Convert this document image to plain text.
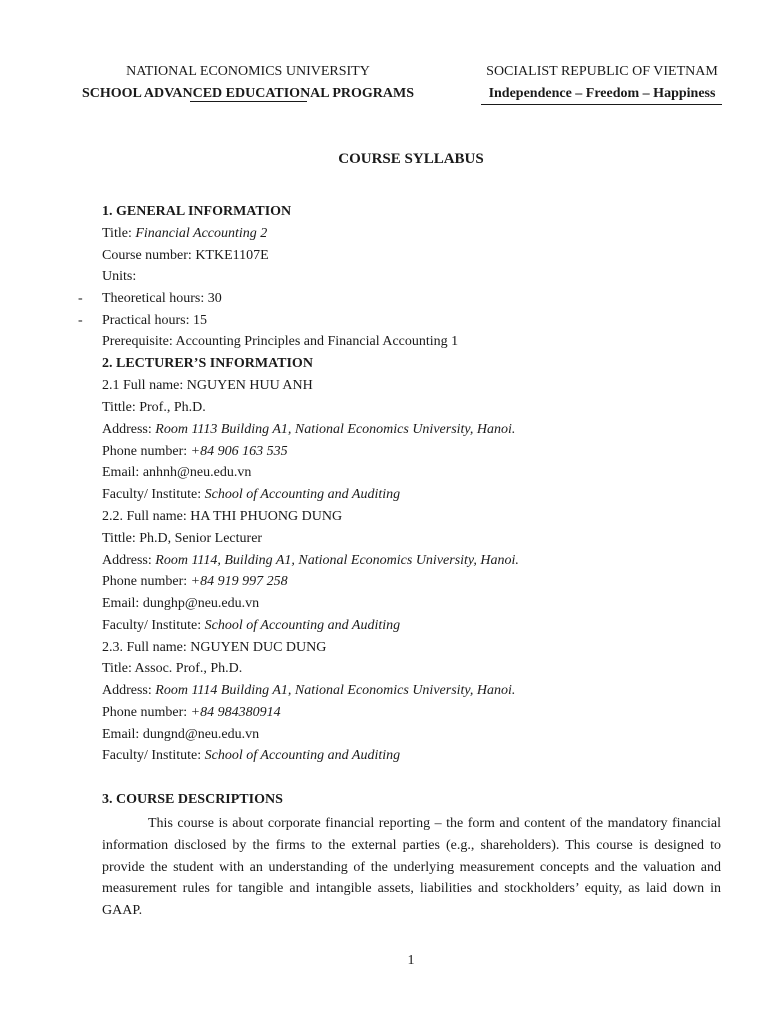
NATIONAL ECONOMICS UNIVERSITY
SCHOOL ADVANCED EDUCATIONAL PROGRAMS
SOCIALIST REPUBLIC OF VIETNAM
Independence – Freedom – Happiness
COURSE SYLLABUS
1. GENERAL INFORMATION
Title: Financial Accounting 2
Course number: KTKE1107E
Units:
- Theoretical hours: 30
- Practical hours: 15
Prerequisite: Accounting Principles and Financial Accounting 1
2. LECTURER’S INFORMATION
2.1 Full name: NGUYEN HUU ANH
Tittle: Prof., Ph.D.
Address: Room 1113 Building A1, National Economics University, Hanoi.
Phone number: +84 906 163 535
Email: anhnh@neu.edu.vn
Faculty/ Institute: School of Accounting and Auditing
2.2. Full name: HA THI PHUONG DUNG
Tittle: Ph.D, Senior Lecturer
Address: Room 1114, Building A1, National Economics University, Hanoi.
Phone number: +84 919 997 258
Email: dunghp@neu.edu.vn
Faculty/ Institute: School of Accounting and Auditing
2.3. Full name: NGUYEN DUC DUNG
Title: Assoc. Prof., Ph.D.
Address: Room 1114 Building A1, National Economics University, Hanoi.
Phone number: +84 984380914
Email: dungnd@neu.edu.vn
Faculty/ Institute: School of Accounting and Auditing
3. COURSE DESCRIPTIONS
This course is about corporate financial reporting – the form and content of the mandatory financial information disclosed by the firms to the external parties (e.g., shareholders). This course is designed to provide the student with an understanding of the underlying measurement concepts and the valuation and measurement rules for tangible and intangible assets, liabilities and stockholders’ equity, as laid down in GAAP.
1
